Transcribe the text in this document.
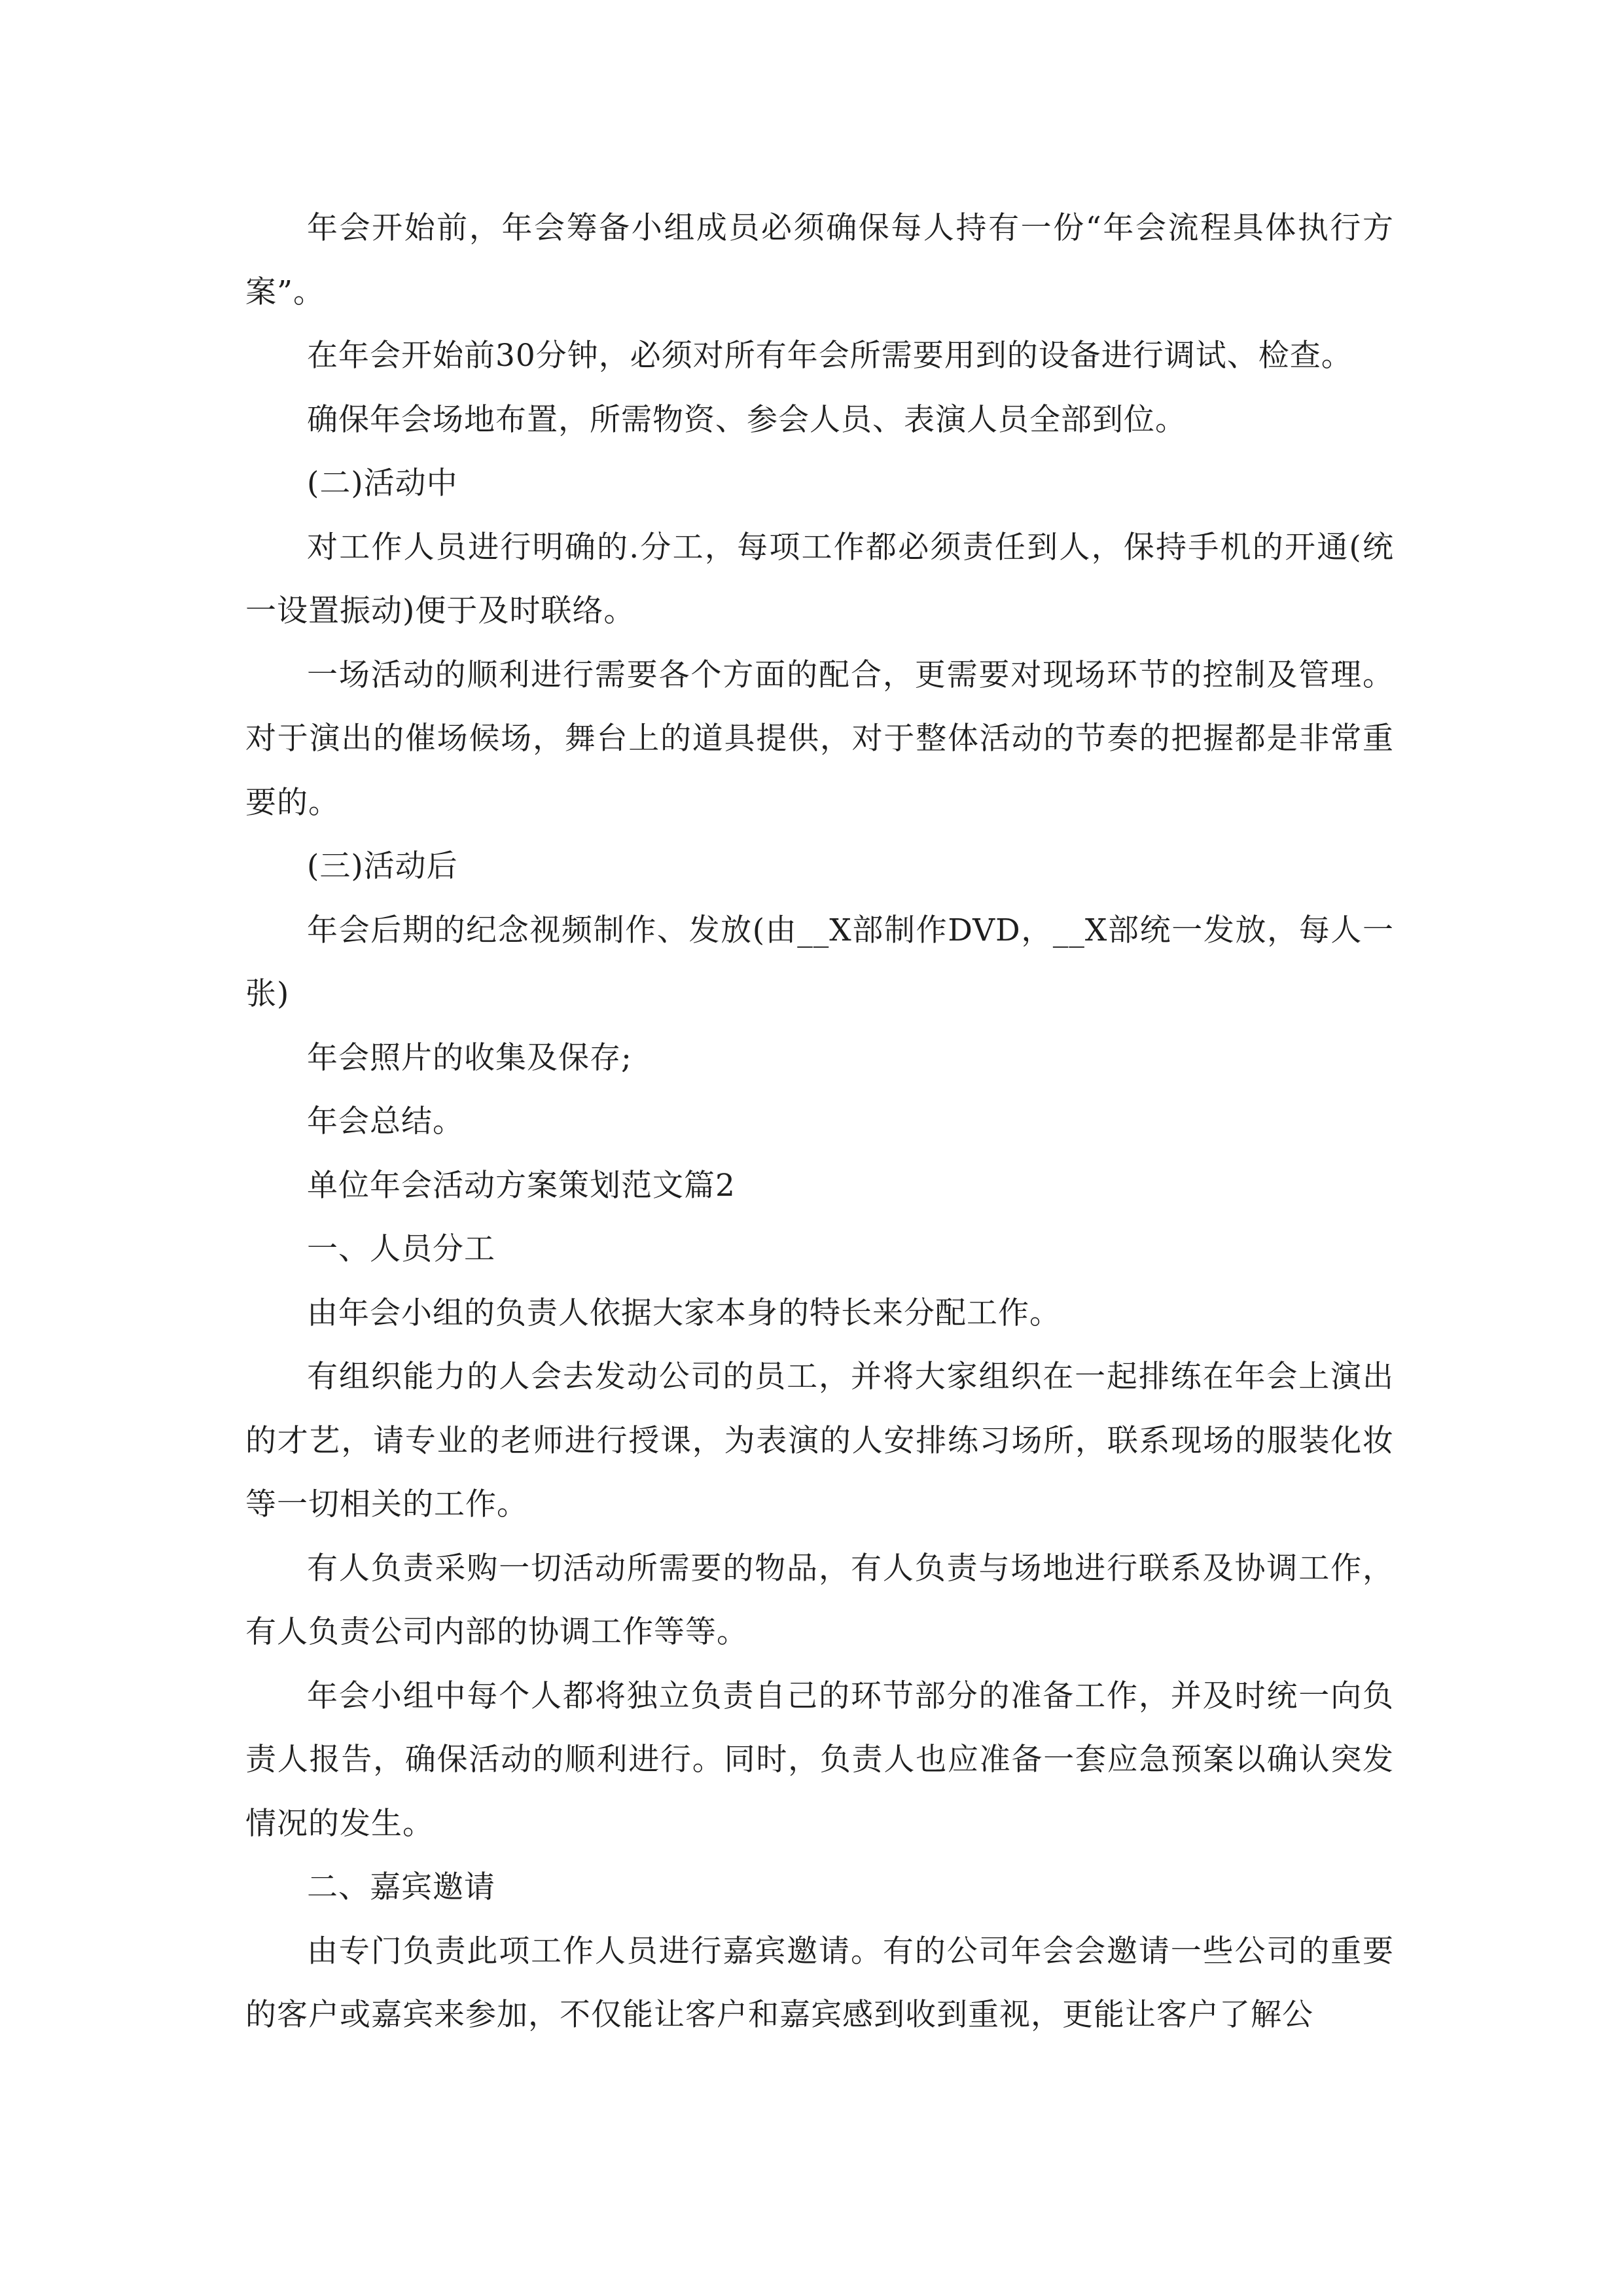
年会开始前，年会筹备小组成员必须确保每人持有一份“年会流程具体执行方案”。

在年会开始前30分钟，必须对所有年会所需要用到的设备进行调试、检查。

确保年会场地布置，所需物资、参会人员、表演人员全部到位。

(二)活动中

对工作人员进行明确的.分工，每项工作都必须责任到人，保持手机的开通(统一设置振动)便于及时联络。

一场活动的顺利进行需要各个方面的配合，更需要对现场环节的控制及管理。对于演出的催场候场，舞台上的道具提供，对于整体活动的节奏的把握都是非常重要的。

(三)活动后

年会后期的纪念视频制作、发放(由__X部制作DVD，__X部统一发放，每人一张)

年会照片的收集及保存;

年会总结。

单位年会活动方案策划范文篇2

一、人员分工

由年会小组的负责人依据大家本身的特长来分配工作。

有组织能力的人会去发动公司的员工，并将大家组织在一起排练在年会上演出的才艺，请专业的老师进行授课，为表演的人安排练习场所，联系现场的服装化妆等一切相关的工作。

有人负责采购一切活动所需要的物品，有人负责与场地进行联系及协调工作，有人负责公司内部的协调工作等等。

年会小组中每个人都将独立负责自己的环节部分的准备工作，并及时统一向负责人报告，确保活动的顺利进行。同时，负责人也应准备一套应急预案以确认突发情况的发生。

二、嘉宾邀请

由专门负责此项工作人员进行嘉宾邀请。有的公司年会会邀请一些公司的重要的客户或嘉宾来参加，不仅能让客户和嘉宾感到收到重视，更能让客户了解公
